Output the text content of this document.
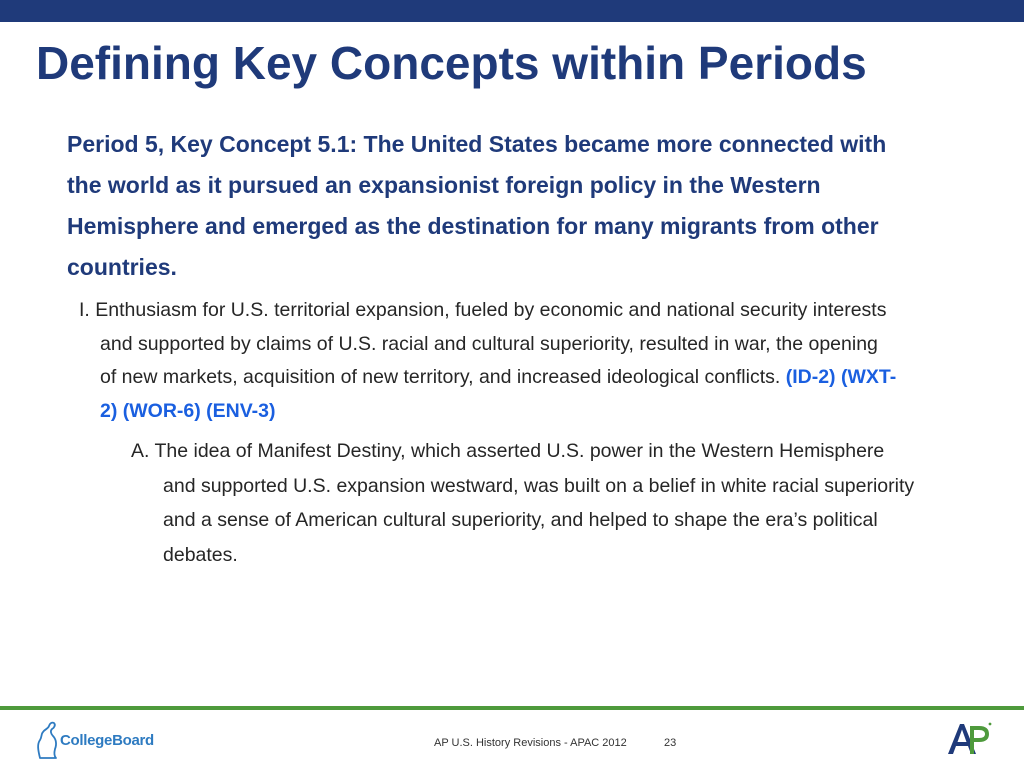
Defining Key Concepts within Periods

Period 5, Key Concept 5.1: The United States became more connected with the world as it pursued an expansionist foreign policy in the Western Hemisphere and emerged as the destination for many migrants from other countries.

I. Enthusiasm for U.S. territorial expansion, fueled by economic and national security interests and supported by claims of U.S. racial and cultural superiority, resulted in war, the opening of new markets, acquisition of new territory, and increased ideological conflicts. (ID-2) (WXT-2) (WOR-6) (ENV-3)

A. The idea of Manifest Destiny, which asserted U.S. power in the Western Hemisphere and supported U.S. expansion westward, was built on a belief in white racial superiority and a sense of American cultural superiority, and helped to shape the era’s political debates.

CollegeBoard	AP U.S. History Revisions - APAC 2012	23
